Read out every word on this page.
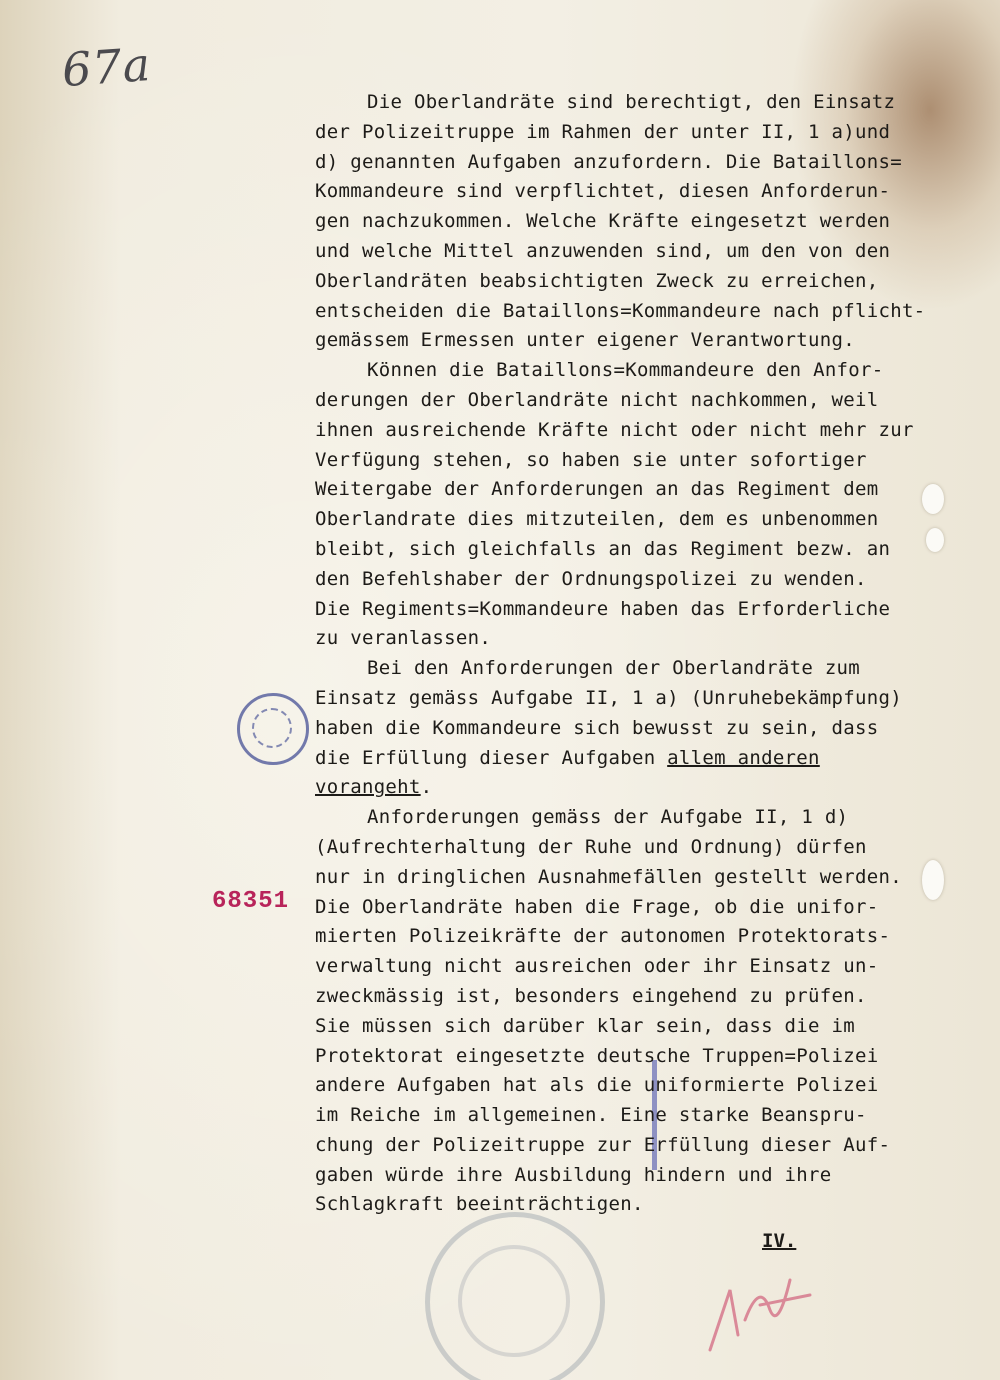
67a
68351
Die Oberlandräte sind berechtigt, den Einsatz
der Polizeitruppe im Rahmen der unter II, 1 a)und
d) genannten Aufgaben anzufordern. Die Bataillons=
Kommandeure sind verpflichtet, diesen Anforderun-
gen nachzukommen. Welche Kräfte eingesetzt werden
und welche Mittel anzuwenden sind, um den von den
Oberlandräten beabsichtigten Zweck zu erreichen,
entscheiden die Bataillons=Kommandeure nach pflicht-
gemässem Ermessen unter eigener Verantwortung.
Können die Bataillons=Kommandeure den Anfor-
derungen der Oberlandräte nicht nachkommen, weil
ihnen ausreichende Kräfte nicht oder nicht mehr zur
Verfügung stehen, so haben sie unter sofortiger
Weitergabe der Anforderungen an das Regiment dem
Oberlandrate dies mitzuteilen, dem es unbenommen
bleibt, sich gleichfalls an das Regiment bezw. an
den Befehlshaber der Ordnungspolizei zu wenden.
Die Regiments=Kommandeure haben das Erforderliche
zu veranlassen.
Bei den Anforderungen der Oberlandräte zum
Einsatz gemäss Aufgabe II, 1 a) (Unruhebekämpfung)
haben die Kommandeure sich bewusst zu sein, dass
die Erfüllung dieser Aufgaben allem anderen
vorangeht.
Anforderungen gemäss der Aufgabe II, 1 d)
(Aufrechterhaltung der Ruhe und Ordnung) dürfen
nur in dringlichen Ausnahmefällen gestellt werden.
Die Oberlandräte haben die Frage, ob die unifor-
mierten Polizeikräfte der autonomen Protektorats-
verwaltung nicht ausreichen oder ihr Einsatz un-
zweckmässig ist, besonders eingehend zu prüfen.
Sie müssen sich darüber klar sein, dass die im
Protektorat eingesetzte deutsche Truppen=Polizei
andere Aufgaben hat als die uniformierte Polizei
im Reiche im allgemeinen. Eine starke Beanspru-
chung der Polizeitruppe zur Erfüllung dieser Auf-
gaben würde ihre Ausbildung hindern und ihre
Schlagkraft beeinträchtigen.
IV.
